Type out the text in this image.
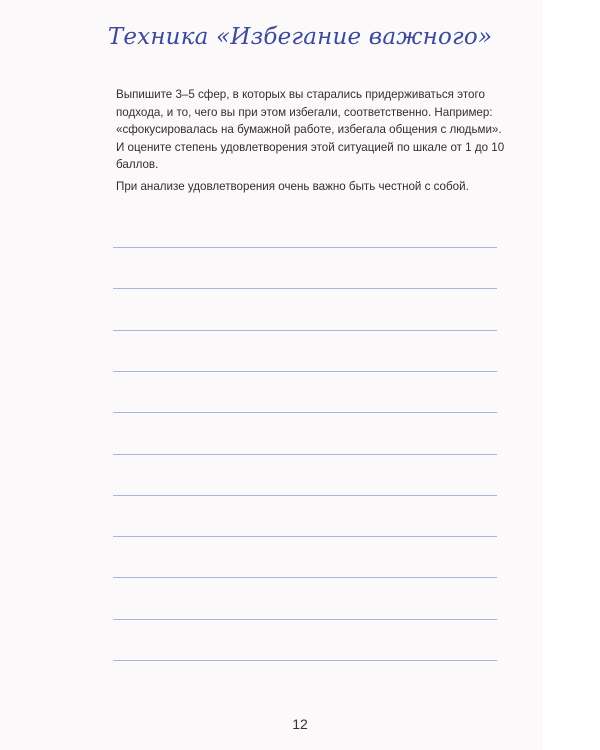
Техника «Избегание важного»
Выпишите 3–5 сфер, в которых вы старались придерживаться этого подхода, и то, чего вы при этом избегали, соответственно. Например: «сфокусировалась на бумажной работе, избегала общения с людьми». И оцените степень удовлетворения этой ситуацией по шкале от 1 до 10 баллов.
При анализе удовлетворения очень важно быть честной с собой.
12
